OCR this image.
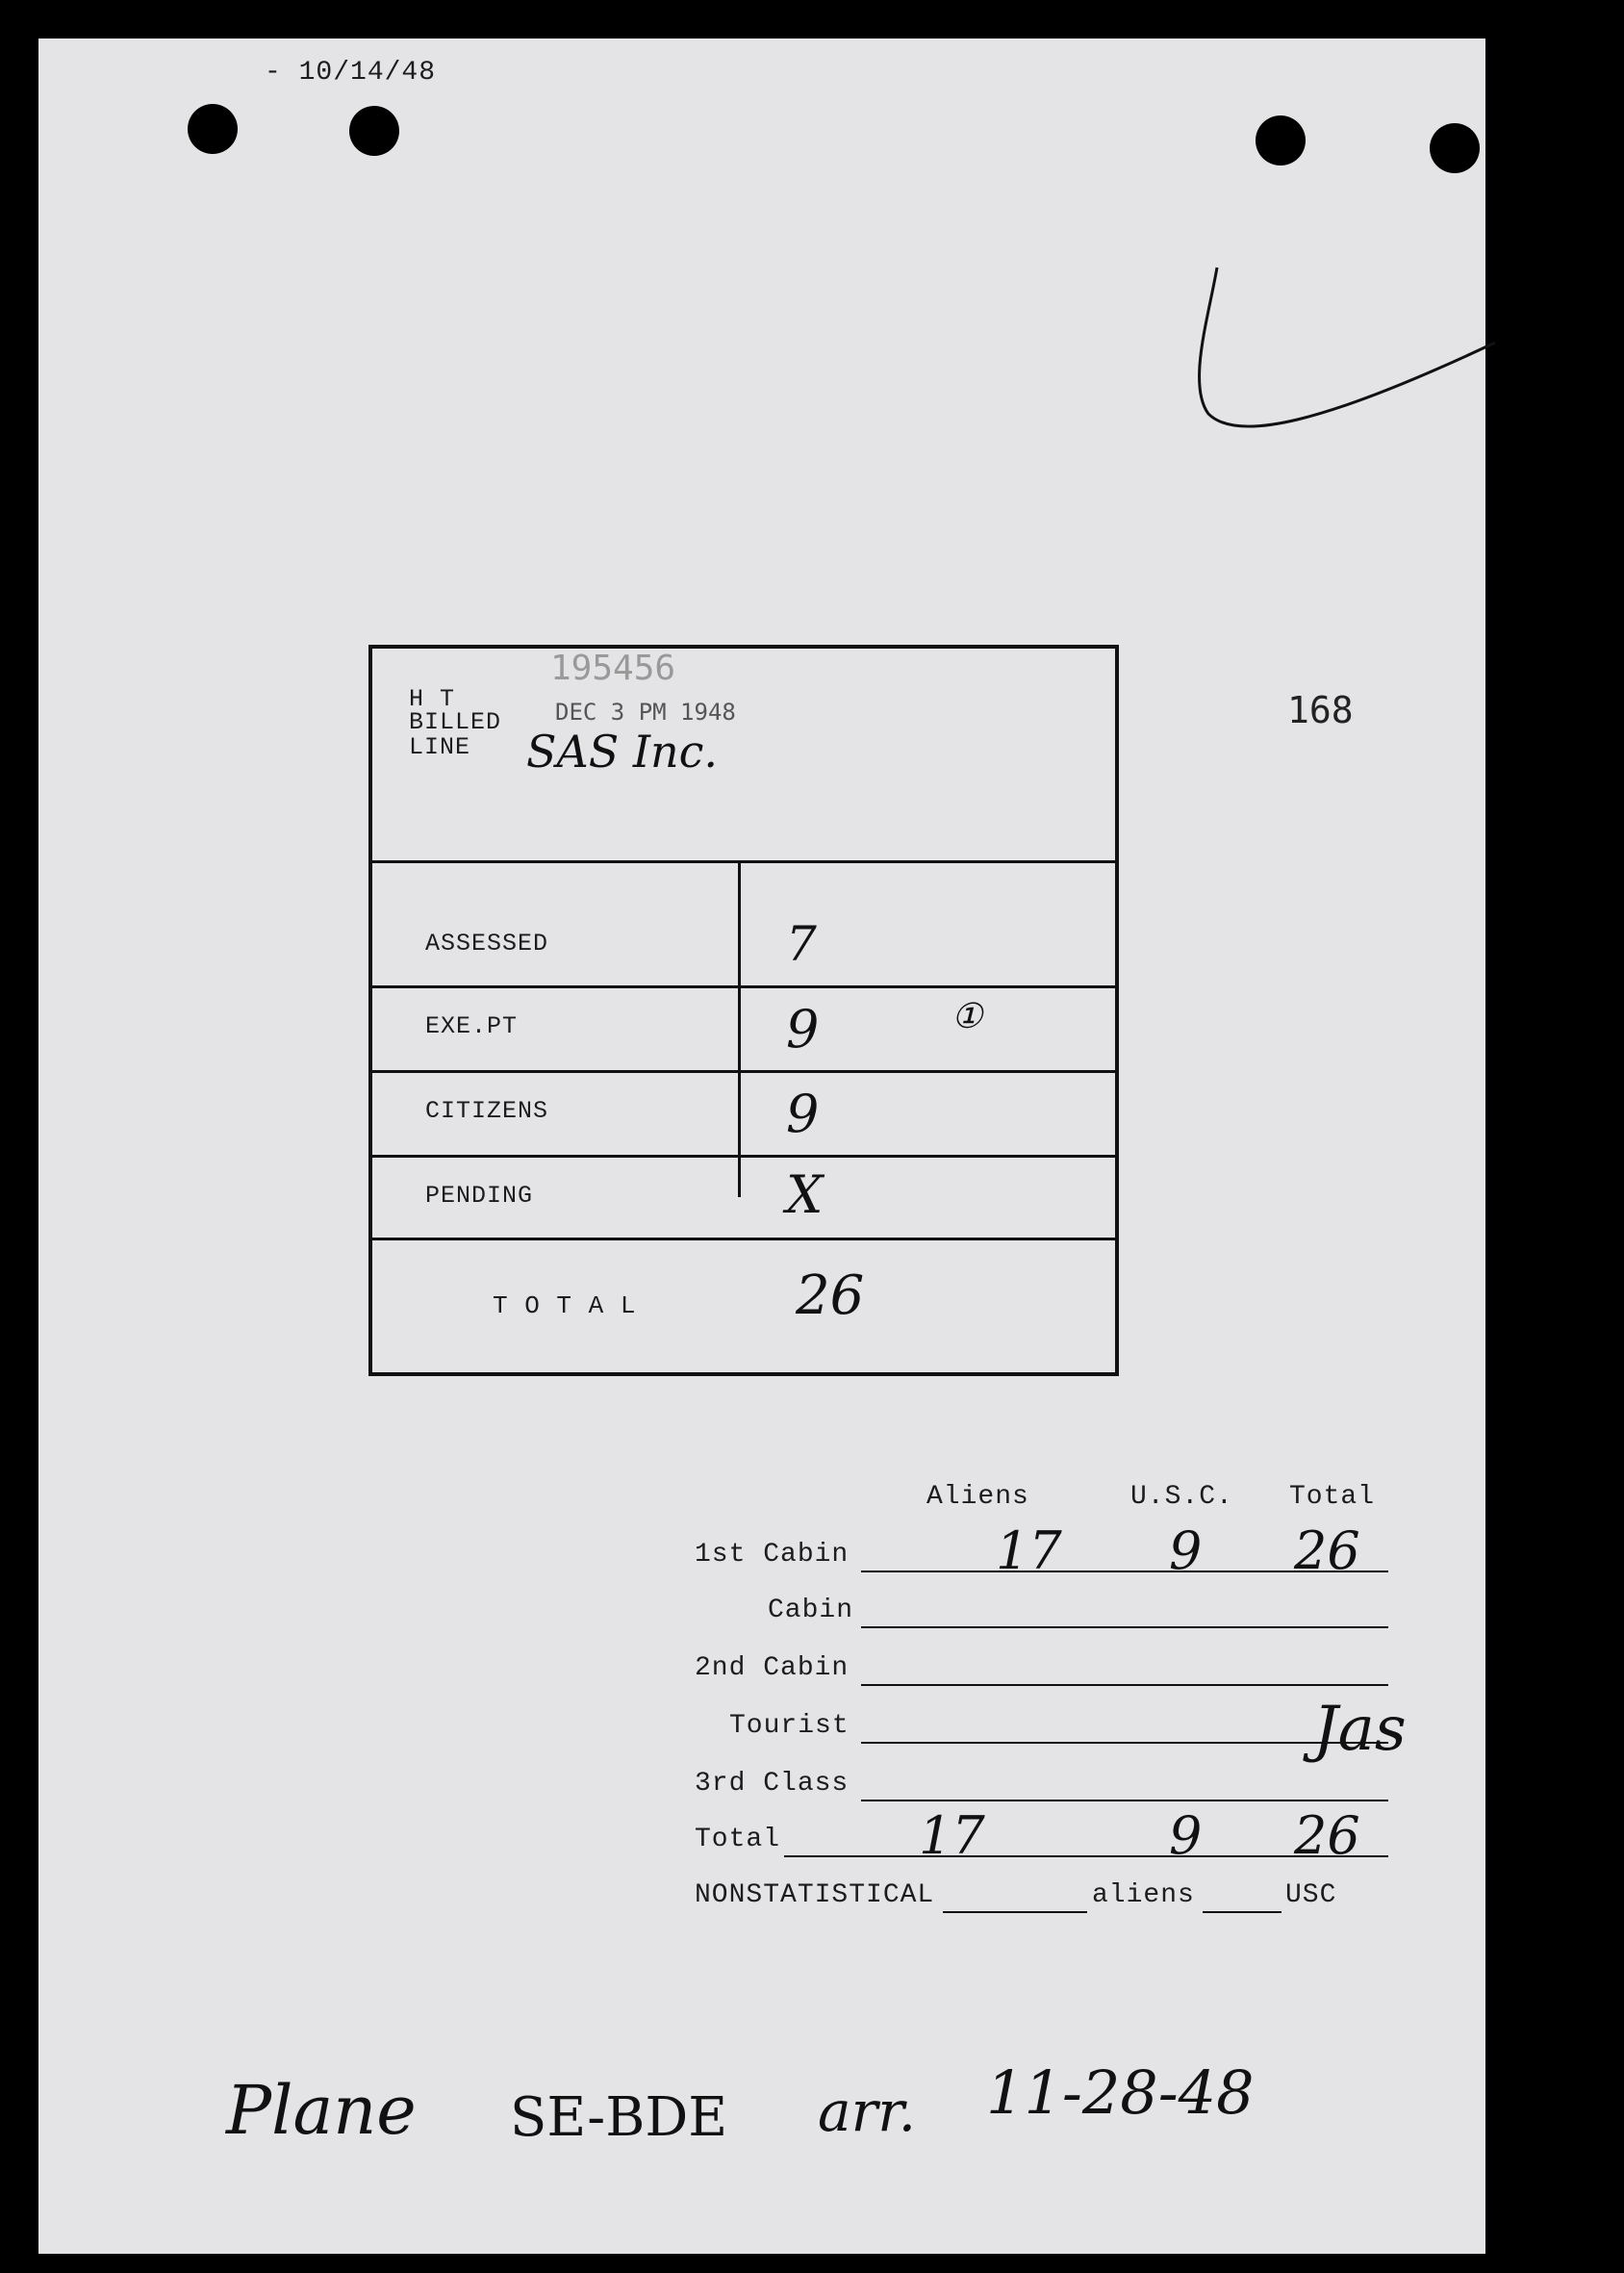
- 10/14/48
168
195456
H T
BILLED DEC 3 PM 1948
LINE SAS Inc.
ASSESSED	7
EXE.PT	9	①
CITIZENS	9
PENDING	X
T O T A L	26
Aliens	U.S.C. Total
1st Cabin	17 9 26
Cabin
2nd Cabin
Tourist
3rd Class
Total	17	9 26
Jas
NONSTATISTICAL	aliens	USC
Plane SE-BDE arr. 11-28-48
